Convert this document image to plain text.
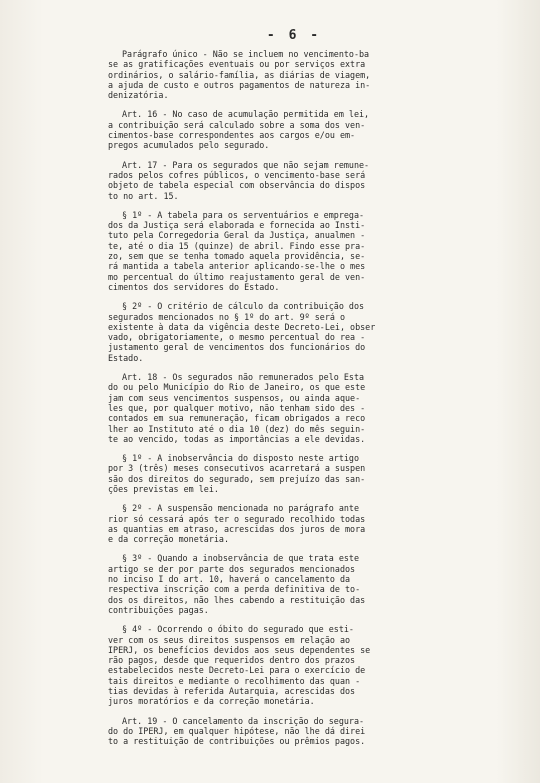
- 6 -
Parágrafo único - Não se incluem no vencimento-ba
se as gratificações eventuais ou por serviços extra
ordinários, o salário-família, as diárias de viagem,
a ajuda de custo e outros pagamentos de natureza in-
denizatória.
Art. 16 - No caso de acumulação permitida em lei,
a contribuição será calculado sobre a soma dos ven-
cimentos-base correspondentes aos cargos e/ou em-
pregos acumulados pelo segurado.
Art. 17 - Para os segurados que não sejam remune-
rados pelos cofres públicos, o vencimento-base será
objeto de tabela especial com observância do dispos
to no art. 15.
§ 1º - A tabela para os serventuários e emprega-
dos da Justiça será elaborada e fornecida ao Insti-
tuto pela Corregedoria Geral da Justiça, anualmen -
te, até o dia 15 (quinze) de abril. Findo esse pra-
zo, sem que se tenha tomado aquela providência, se-
rá mantida a tabela anterior aplicando-se-lhe o mes
mo percentual do último reajustamento geral de ven-
cimentos dos servidores do Estado.
§ 2º - O critério de cálculo da contribuição dos
segurados mencionados no § 1º do art. 9º será o
existente à data da vigência deste Decreto-Lei, obser
vado, obrigatoriamente, o mesmo percentual do rea -
justamento geral de vencimentos dos funcionários do
Estado.
Art. 18 - Os segurados não remunerados pelo Esta
do ou pelo Município do Rio de Janeiro, os que este
jam com seus vencimentos suspensos, ou ainda aque-
les que, por qualquer motivo, não tenham sido des -
contados em sua remuneração, ficam obrigados a reco
lher ao Instituto até o dia 10 (dez) do mês seguin-
te ao vencido, todas as importâncias a ele devidas.
§ 1º - A inobservância do disposto neste artigo
por 3 (três) meses consecutivos acarretará a suspen
são dos direitos do segurado, sem prejuízo das san-
ções previstas em lei.
§ 2º - A suspensão mencionada no parágrafo ante
rior só cessará após ter o segurado recolhido todas
as quantias em atraso, acrescidas dos juros de mora
e da correção monetária.
§ 3º - Quando a inobservância de que trata este
artigo se der por parte dos segurados mencionados
no inciso I do art. 10, haverá o cancelamento da
respectiva inscrição com a perda definitiva de to-
dos os direitos, não lhes cabendo a restituição das
contribuições pagas.
§ 4º - Ocorrendo o óbito do segurado que esti-
ver com os seus direitos suspensos em relação ao
IPERJ, os benefícios devidos aos seus dependentes se
rão pagos, desde que requeridos dentro dos prazos
estabelecidos neste Decreto-Lei para o exercício de
tais direitos e mediante o recolhimento das quan -
tias devidas à referida Autarquia, acrescidas dos
juros moratórios e da correção monetária.
Art. 19 - O cancelamento da inscrição do segura-
do do IPERJ, em qualquer hipótese, não lhe dá direi
to a restituição de contribuições ou prêmios pagos.
